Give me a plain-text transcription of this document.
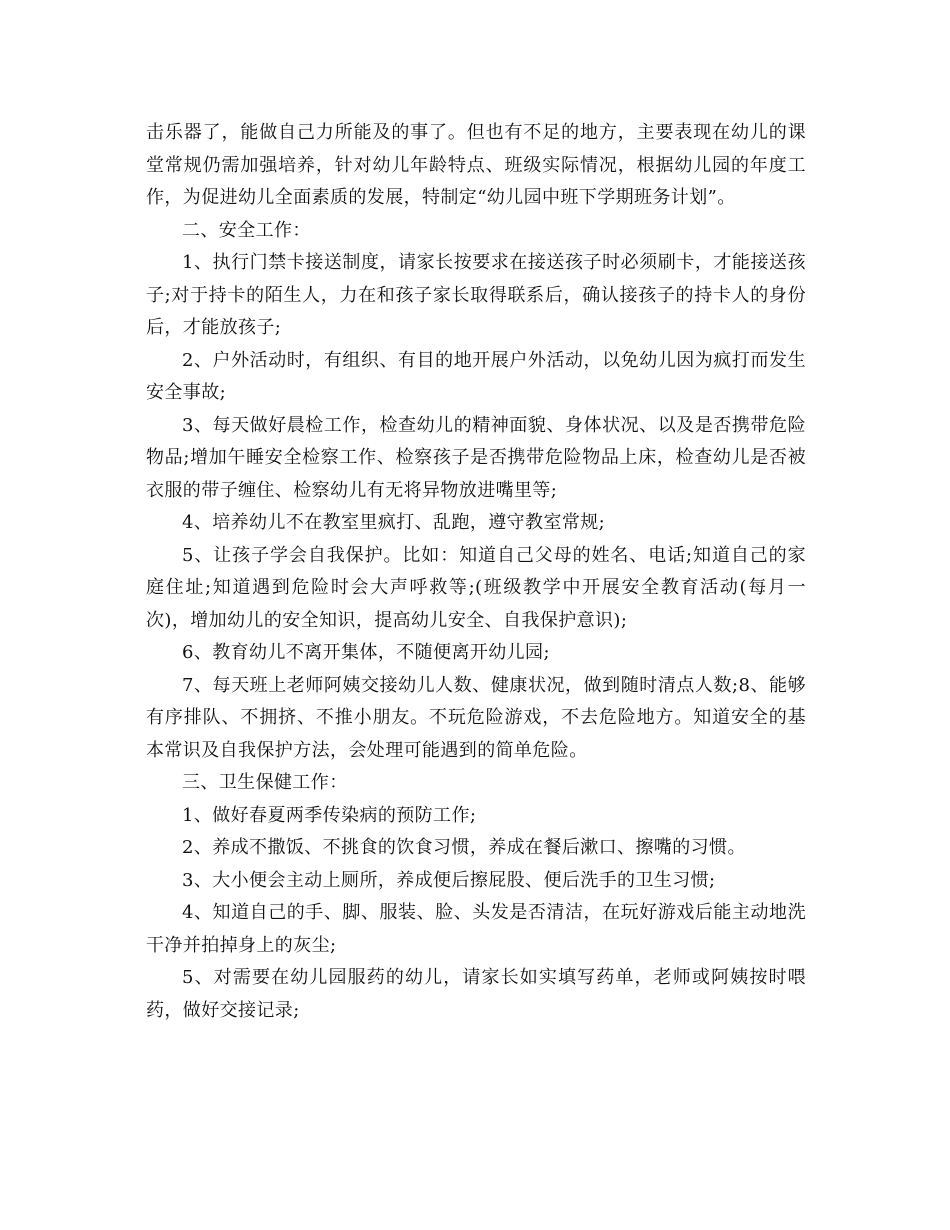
击乐器了，能做自己力所能及的事了。但也有不足的地方，主要表现在幼儿的课堂常规仍需加强培养，针对幼儿年龄特点、班级实际情况，根据幼儿园的年度工作，为促进幼儿全面素质的发展，特制定“幼儿园中班下学期班务计划”。

二、安全工作：

1、执行门禁卡接送制度，请家长按要求在接送孩子时必须刷卡，才能接送孩子;对于持卡的陌生人，力在和孩子家长取得联系后，确认接孩子的持卡人的身份后，才能放孩子;

2、户外活动时，有组织、有目的地开展户外活动，以免幼儿因为疯打而发生安全事故;

3、每天做好晨检工作，检查幼儿的精神面貌、身体状况、以及是否携带危险物品;增加午睡安全检察工作、检察孩子是否携带危险物品上床，检查幼儿是否被衣服的带子缠住、检察幼儿有无将异物放进嘴里等;

4、培养幼儿不在教室里疯打、乱跑，遵守教室常规;

5、让孩子学会自我保护。比如：知道自己父母的姓名、电话;知道自己的家庭住址;知道遇到危险时会大声呼救等;(班级教学中开展安全教育活动(每月一次)，增加幼儿的安全知识，提高幼儿安全、自我保护意识);

6、教育幼儿不离开集体，不随便离开幼儿园;

7、每天班上老师阿姨交接幼儿人数、健康状况，做到随时清点人数;8、能够有序排队、不拥挤、不推小朋友。不玩危险游戏，不去危险地方。知道安全的基本常识及自我保护方法，会处理可能遇到的简单危险。

三、卫生保健工作：

1、做好春夏两季传染病的预防工作;

2、养成不撒饭、不挑食的饮食习惯，养成在餐后漱口、擦嘴的习惯。

3、大小便会主动上厕所，养成便后擦屁股、便后洗手的卫生习惯;

4、知道自己的手、脚、服装、脸、头发是否清洁，在玩好游戏后能主动地洗干净并拍掉身上的灰尘;

5、对需要在幼儿园服药的幼儿，请家长如实填写药单，老师或阿姨按时喂药，做好交接记录;
